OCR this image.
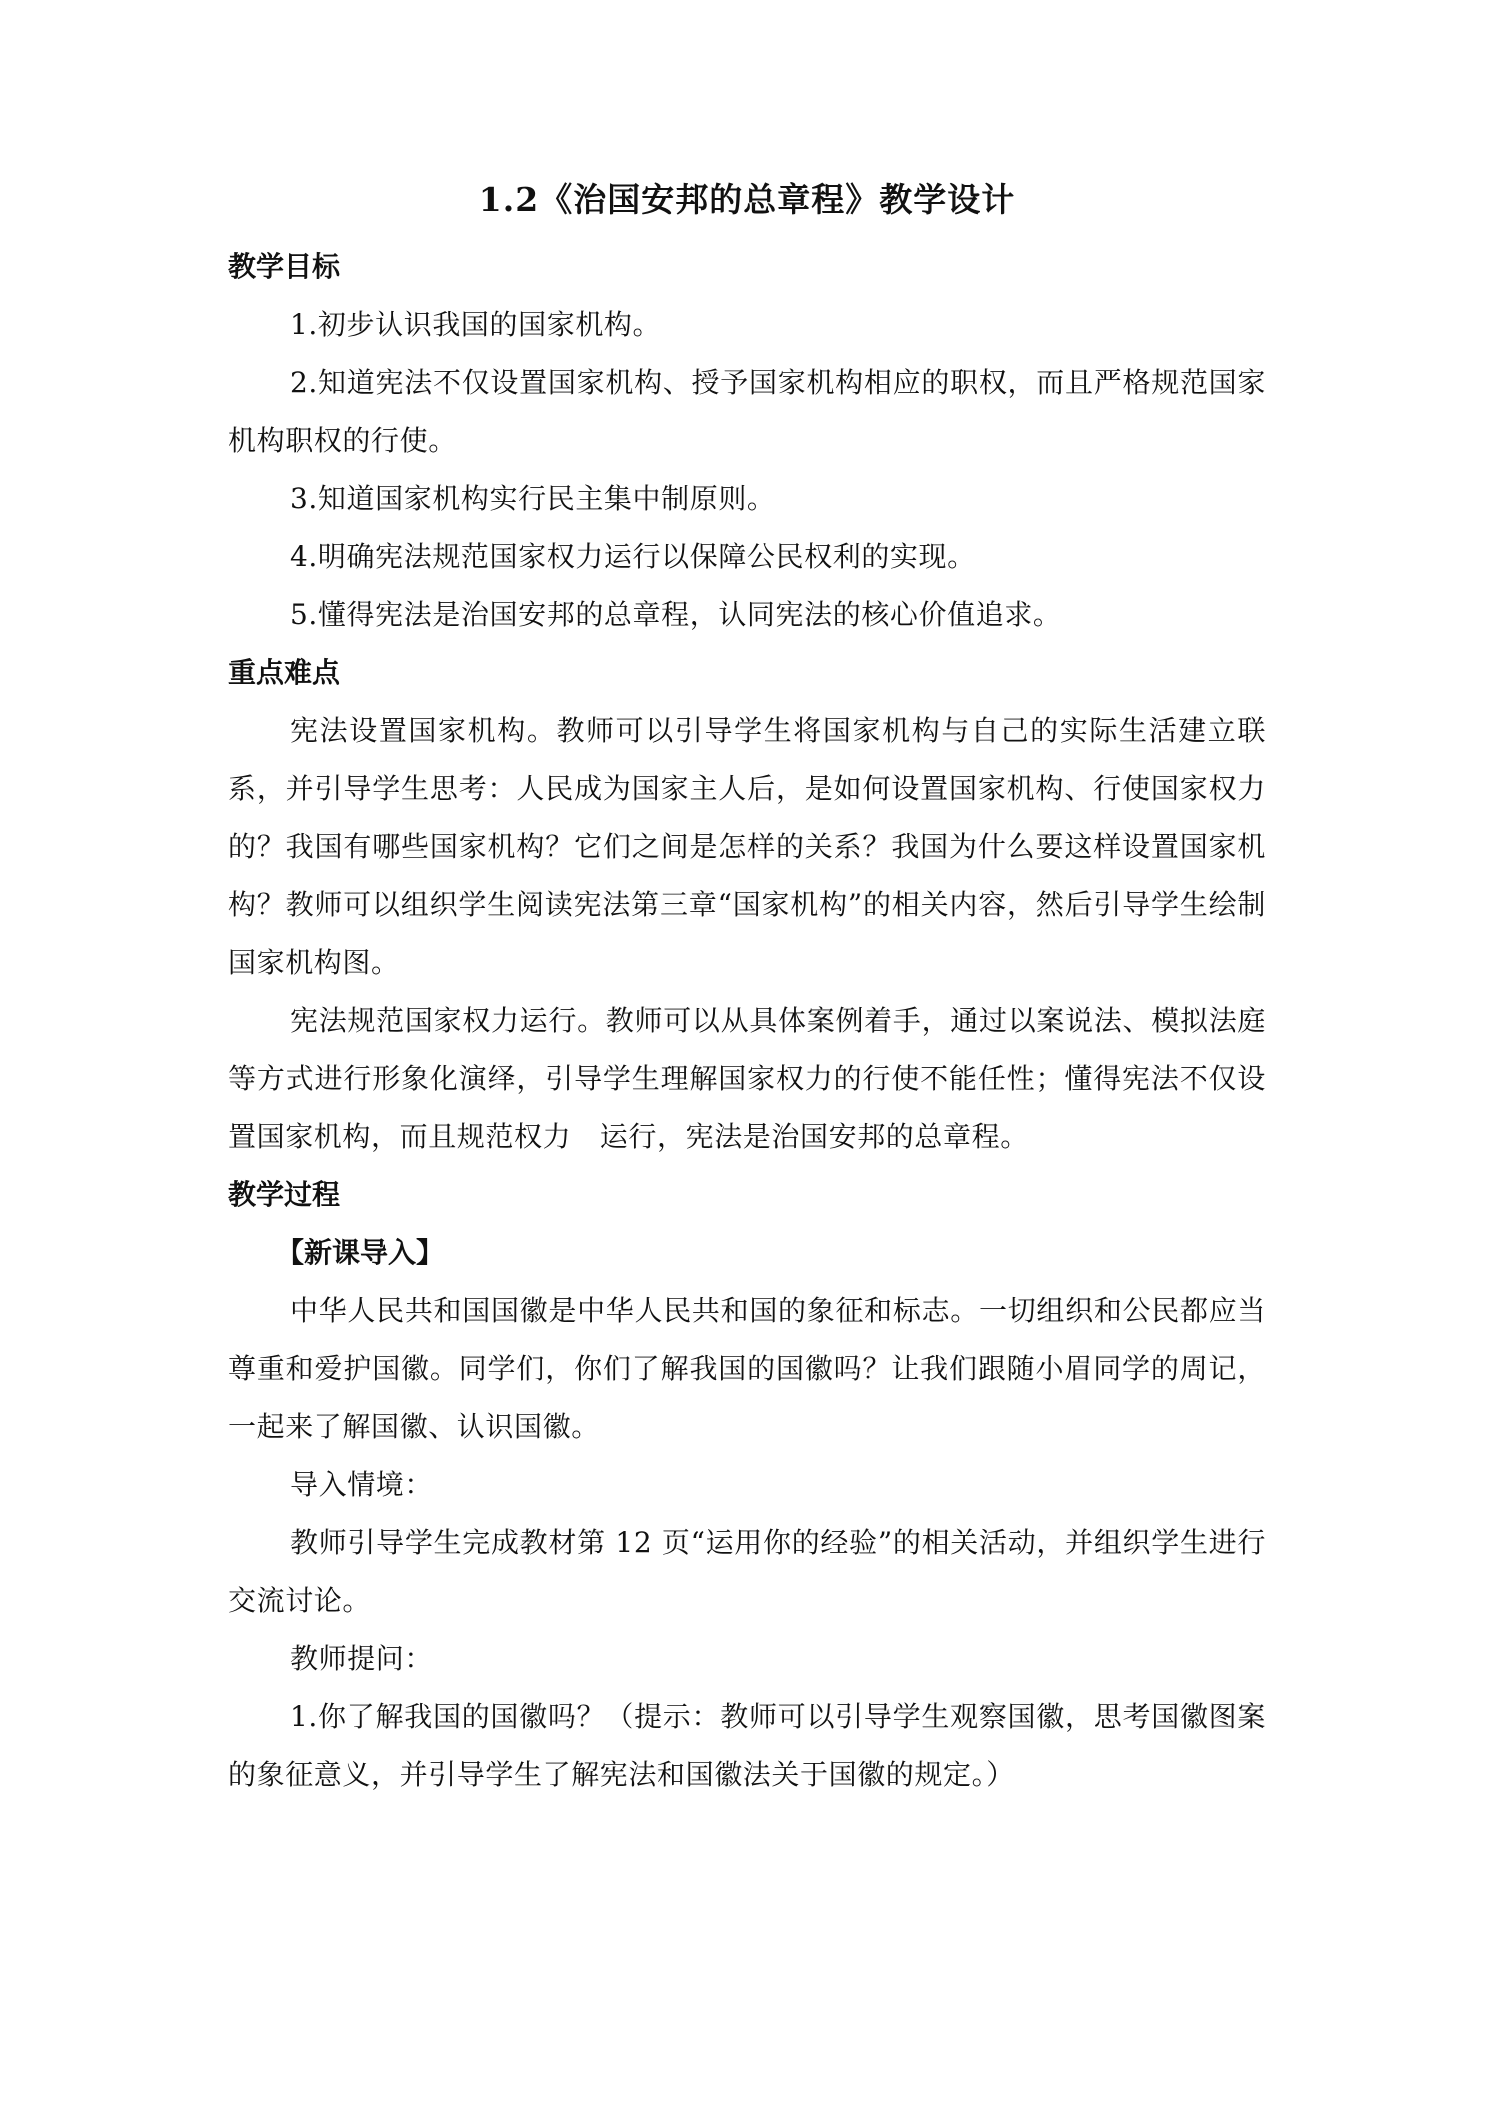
1.2《治国安邦的总章程》教学设计
教学目标

1.初步认识我国的国家机构。

2.知道宪法不仅设置国家机构、授予国家机构相应的职权，而且严格规范国家机构职权的行使。

3.知道国家机构实行民主集中制原则。

4.明确宪法规范国家权力运行以保障公民权利的实现。

5.懂得宪法是治国安邦的总章程，认同宪法的核心价值追求。

重点难点

宪法设置国家机构。教师可以引导学生将国家机构与自己的实际生活建立联系，并引导学生思考：人民成为国家主人后，是如何设置国家机构、行使国家权力的？我国有哪些国家机构？它们之间是怎样的关系？我国为什么要这样设置国家机构？教师可以组织学生阅读宪法第三章“国家机构”的相关内容，然后引导学生绘制国家机构图。

宪法规范国家权力运行。教师可以从具体案例着手，通过以案说法、模拟法庭等方式进行形象化演绎，引导学生理解国家权力的行使不能任性；懂得宪法不仅设置国家机构，而且规范权力　运行，宪法是治国安邦的总章程。

教学过程

【新课导入】

中华人民共和国国徽是中华人民共和国的象征和标志。一切组织和公民都应当尊重和爱护国徽。同学们，你们了解我国的国徽吗？让我们跟随小眉同学的周记，一起来了解国徽、认识国徽。

导入情境：

教师引导学生完成教材第 12 页“运用你的经验”的相关活动，并组织学生进行交流讨论。

教师提问：

1.你了解我国的国徽吗？（提示：教师可以引导学生观察国徽，思考国徽图案的象征意义，并引导学生了解宪法和国徽法关于国徽的规定。）
